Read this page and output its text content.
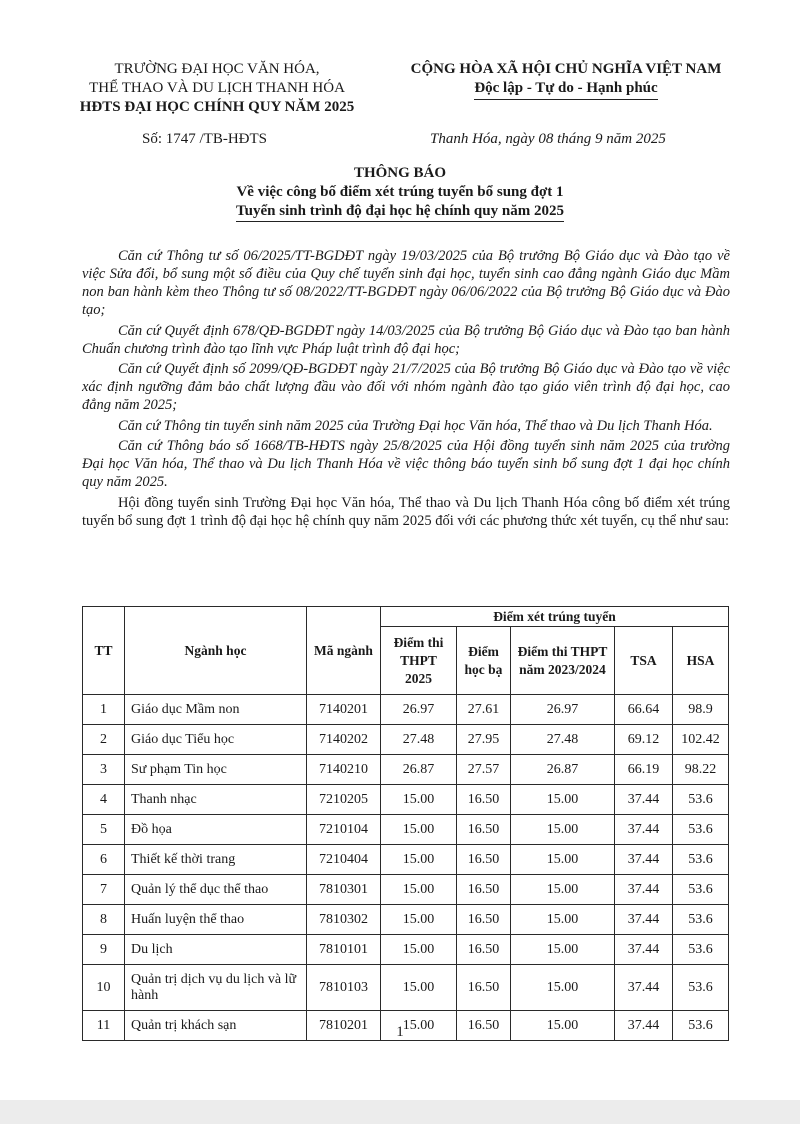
TRƯỜNG ĐẠI HỌC VĂN HÓA,
THỂ THAO VÀ DU LỊCH THANH HÓA
HĐTS ĐẠI HỌC CHÍNH QUY NĂM 2025
CỘNG HÒA XÃ HỘI CHỦ NGHĨA VIỆT NAM
Độc lập - Tự do - Hạnh phúc
Số: 1747 /TB-HĐTS	Thanh Hóa, ngày 08 tháng 9 năm 2025
THÔNG BÁO
Về việc công bố điểm xét trúng tuyển bổ sung đợt 1
Tuyển sinh trình độ đại học hệ chính quy năm 2025

Căn cứ Thông tư số 06/2025/TT-BGDĐT ngày 19/03/2025 của Bộ trưởng Bộ Giáo dục và Đào tạo về việc Sửa đổi, bổ sung một số điều của Quy chế tuyển sinh đại học, tuyển sinh cao đẳng ngành Giáo dục Mầm non ban hành kèm theo Thông tư số 08/2022/TT-BGDĐT ngày 06/06/2022 của Bộ trưởng Bộ Giáo dục và Đào tạo;

Căn cứ Quyết định 678/QĐ-BGDĐT ngày 14/03/2025 của Bộ trưởng Bộ Giáo dục và Đào tạo ban hành Chuẩn chương trình đào tạo lĩnh vực Pháp luật trình độ đại học;

Căn cứ Quyết định số 2099/QĐ-BGDĐT ngày 21/7/2025 của Bộ trưởng Bộ Giáo dục và Đào tạo về việc xác định ngưỡng đảm bảo chất lượng đầu vào đối với nhóm ngành đào tạo giáo viên trình độ đại học, cao đẳng năm 2025;

Căn cứ Thông tin tuyển sinh năm 2025 của Trường Đại học Văn hóa, Thể thao và Du lịch Thanh Hóa.

Căn cứ Thông báo số 1668/TB-HĐTS ngày 25/8/2025 của Hội đồng tuyển sinh năm 2025 của trường Đại học Văn hóa, Thể thao và Du lịch Thanh Hóa về việc thông báo tuyển sinh bổ sung đợt 1 đại học chính quy năm 2025.

Hội đồng tuyển sinh Trường Đại học Văn hóa, Thể thao và Du lịch Thanh Hóa công bố điểm xét trúng tuyển bổ sung đợt 1 trình độ đại học hệ chính quy năm 2025 đối với các phương thức xét tuyển, cụ thể như sau:

TT	Ngành học	Mã ngành	Điểm xét trúng tuyển				
			Điểm thi THPT 2025	Điểm học bạ	Điểm thi THPT năm 2023/2024	TSA	HSA
1	Giáo dục Mầm non	7140201	26.97	27.61	26.97	66.64	98.9
2	Giáo dục Tiểu học	7140202	27.48	27.95	27.48	69.12	102.42
3	Sư phạm Tin học	7140210	26.87	27.57	26.87	66.19	98.22
4	Thanh nhạc	7210205	15.00	16.50	15.00	37.44	53.6
5	Đồ họa	7210104	15.00	16.50	15.00	37.44	53.6
6	Thiết kế thời trang	7210404	15.00	16.50	15.00	37.44	53.6
7	Quản lý thể dục thể thao	7810301	15.00	16.50	15.00	37.44	53.6
8	Huấn luyện thể thao	7810302	15.00	16.50	15.00	37.44	53.6
9	Du lịch	7810101	15.00	16.50	15.00	37.44	53.6
10	Quản trị dịch vụ du lịch và lữ hành	7810103	15.00	16.50	15.00	37.44	53.6
11	Quản trị khách sạn	7810201	15.00	16.50	15.00	37.44	53.6
1
